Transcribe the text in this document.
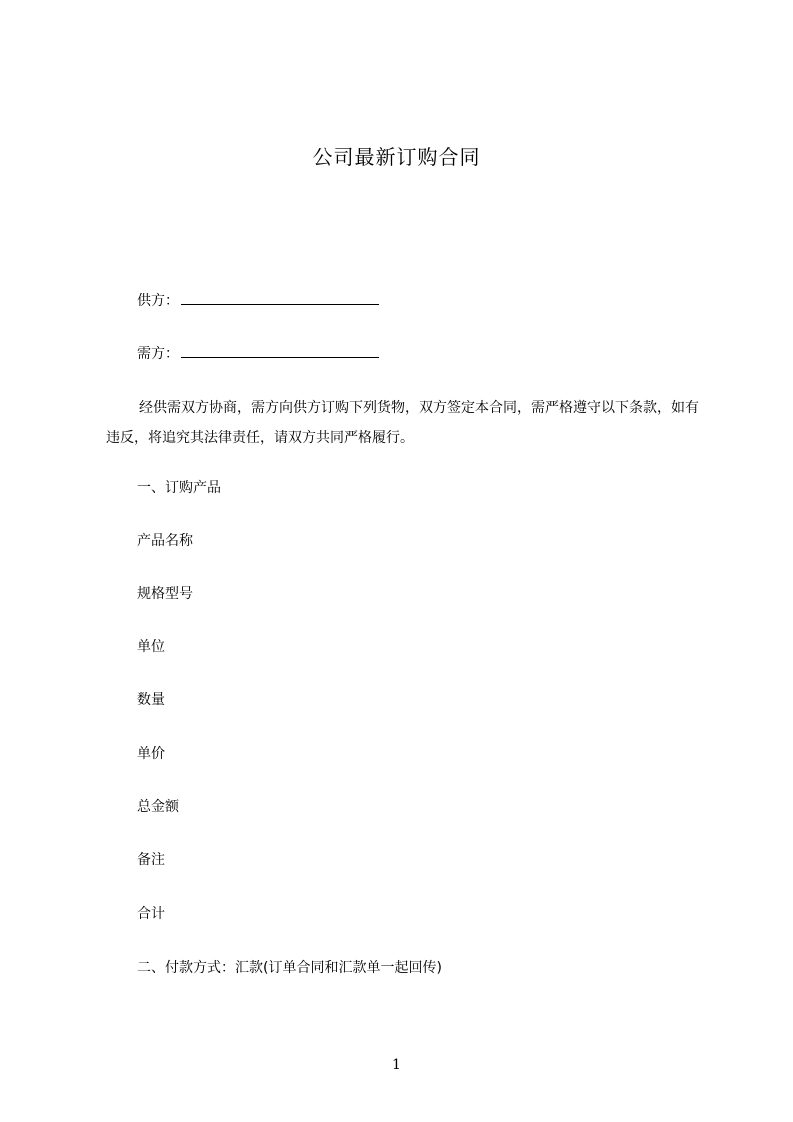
公司最新订购合同
供方：
需方：
经供需双方协商，需方向供方订购下列货物，双方签定本合同，需严格遵守以下条款，如有违反，将追究其法律责任，请双方共同严格履行。
一、订购产品
产品名称
规格型号
单位
数量
单价
总金额
备注
合计
二、付款方式：汇款(订单合同和汇款单一起回传)
1
